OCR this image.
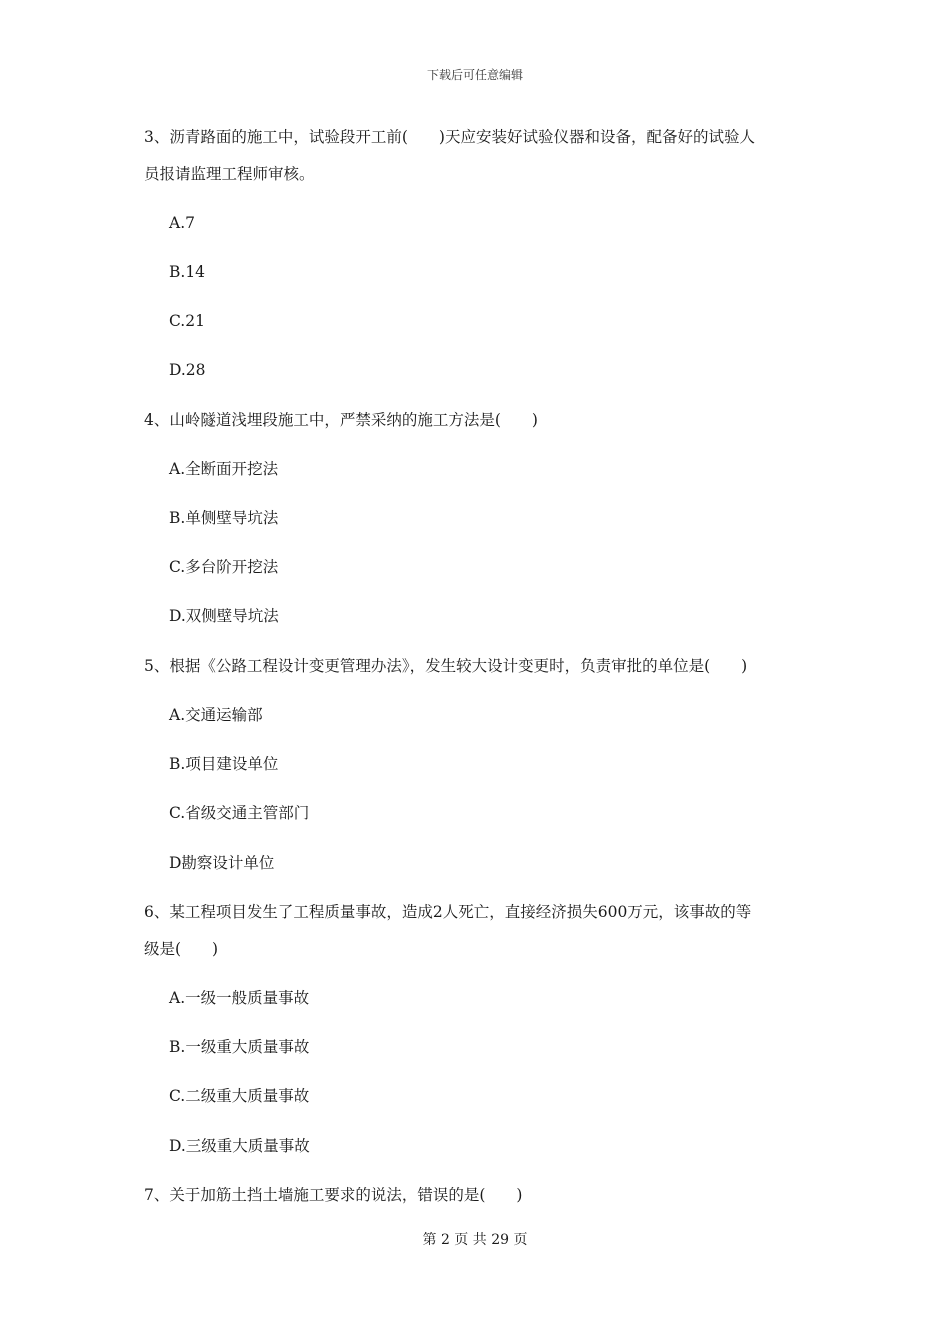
下载后可任意编辑
3、沥青路面的施工中，试验段开工前(　　)天应安装好试验仪器和设备，配备好的试验人
员报请监理工程师审核。
A.7
B.14
C.21
D.28
4、山岭隧道浅埋段施工中，严禁采纳的施工方法是(　　)
A.全断面开挖法
B.单侧壁导坑法
C.多台阶开挖法
D.双侧壁导坑法
5、根据《公路工程设计变更管理办法》，发生较大设计变更时，负责审批的单位是(　　)
A.交通运输部
B.项目建设单位
C.省级交通主管部门
D勘察设计单位
6、某工程项目发生了工程质量事故，造成2人死亡，直接经济损失600万元，该事故的等
级是(　　)
A.一级一般质量事故
B.一级重大质量事故
C.二级重大质量事故
D.三级重大质量事故
7、关于加筋土挡土墙施工要求的说法，错误的是(　　)
第 2 页 共 29 页
